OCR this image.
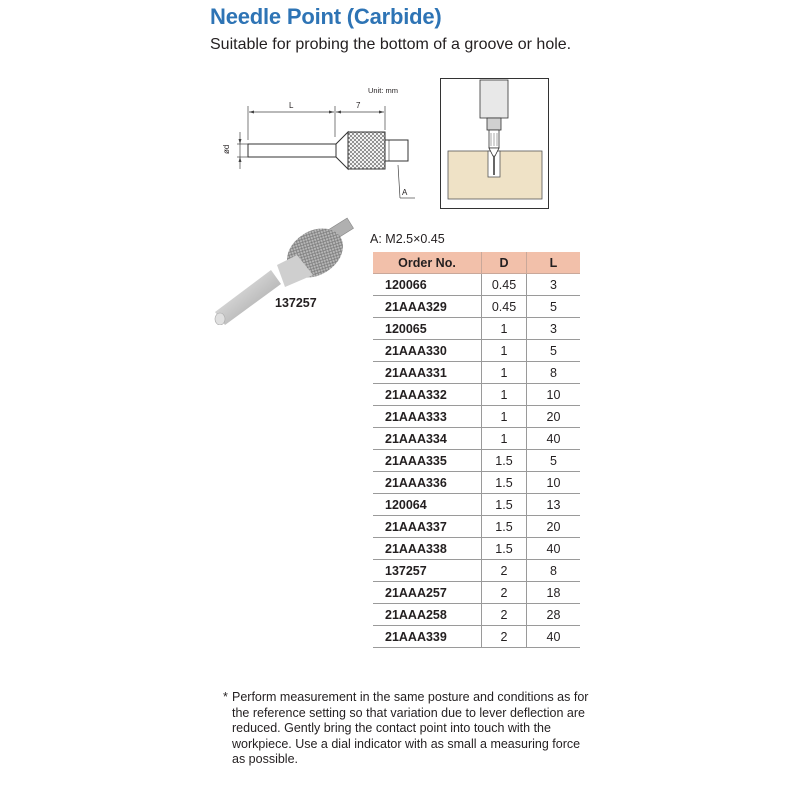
Needle Point (Carbide)
Suitable for probing the bottom of a groove or hole.
Unit: mm
L	7
ød
A
137257
A: M2.5×0.45
Order No.	D	L
120066	0.45	3
21AAA329	0.45	5
120065	1	3
21AAA330	1	5
21AAA331	1	8
21AAA332	1	10
21AAA333	1	20
21AAA334	1	40
21AAA335	1.5	5
21AAA336	1.5	10
120064	1.5	13
21AAA337	1.5	20
21AAA338	1.5	40
137257	2	8
21AAA257	2	18
21AAA258	2	28
21AAA339	2	40
* Perform measurement in the same posture and conditions as for the reference setting so that variation due to lever deflection are reduced. Gently bring the contact point into touch with the workpiece. Use a dial indicator with as small a measuring force as possible.
